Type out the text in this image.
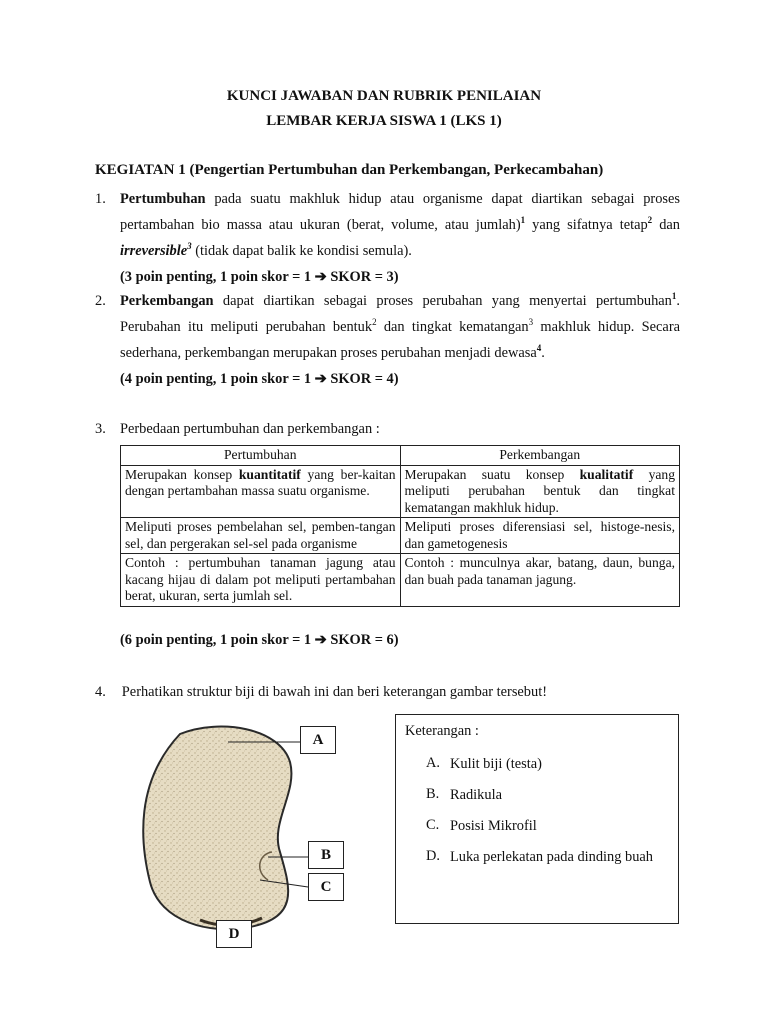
KUNCI JAWABAN DAN RUBRIK PENILAIAN
LEMBAR KERJA SISWA 1 (LKS 1)
KEGIATAN 1 (Pengertian Pertumbuhan dan Perkembangan, Perkecambahan)
1. Pertumbuhan pada suatu makhluk hidup atau organisme dapat diartikan sebagai proses pertambahan bio massa atau ukuran (berat, volume, atau jumlah)$^1$ yang sifatnya tetap$^2$ dan irreversible$^3$ (tidak dapat balik ke kondisi semula).
(3 poin penting, 1 poin skor = 1 ➔ SKOR = 3)
2. Perkembangan dapat diartikan sebagai proses perubahan yang menyertai pertumbuhan$^1$. Perubahan itu meliputi perubahan bentuk$^2$ dan tingkat kematangan$^3$ makhluk hidup. Secara sederhana, perkembangan merupakan proses perubahan menjadi dewasa$^4$.
(4 poin penting, 1 poin skor = 1 ➔ SKOR = 4)
3. Perbedaan pertumbuhan dan perkembangan :
Pertumbuhan	Perkembangan
Merupakan konsep kuantitatif yang ber-kaitan dengan pertambahan massa suatu organisme.	Merupakan suatu konsep kualitatif yang meliputi perubahan bentuk dan tingkat kematangan makhluk hidup.
Meliputi proses pembelahan sel, pemben-tangan sel, dan pergerakan sel-sel pada organisme	Meliputi proses diferensiasi sel, histoge-nesis, dan gametogenesis
Contoh : pertumbuhan tanaman jagung atau kacang hijau di dalam pot meliputi pertambahan berat, ukuran, serta jumlah sel.	Contoh : munculnya akar, batang, daun, bunga, dan buah pada tanaman jagung.
(6 poin penting, 1 poin skor = 1 ➔ SKOR = 6)
4. Perhatikan struktur biji di bawah ini dan beri keterangan gambar tersebut!
A
B
C
D
Keterangan :
A. Kulit biji (testa)
B. Radikula
C. Posisi Mikrofil
D. Luka perlekatan pada dinding buah
